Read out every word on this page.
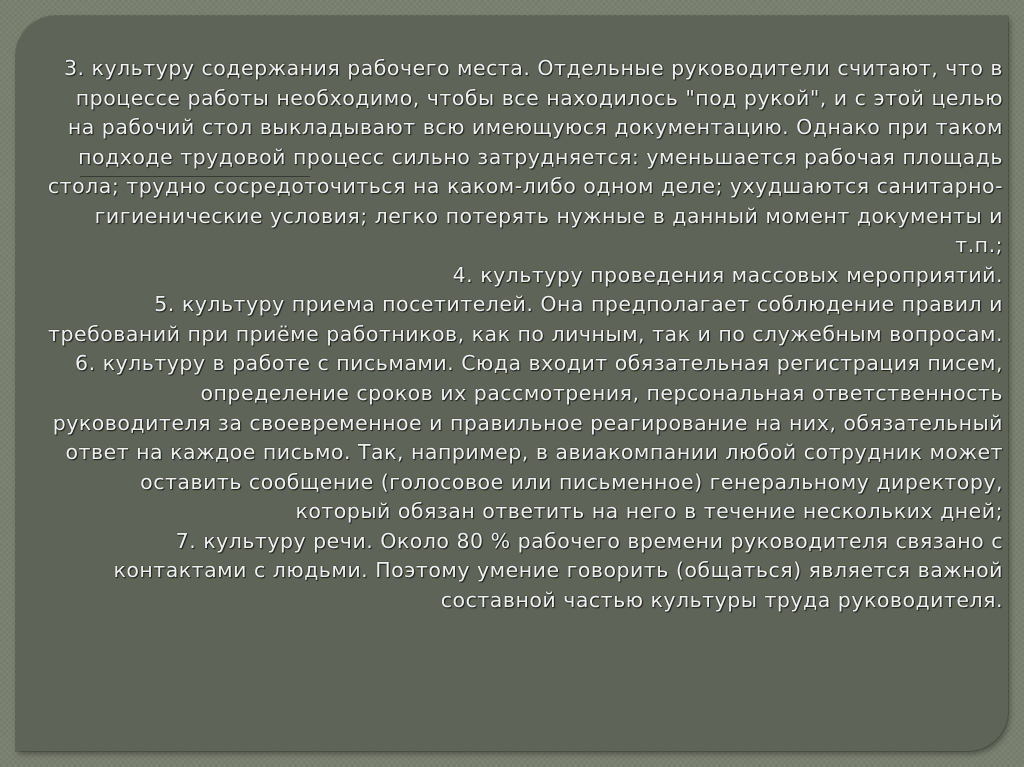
3. культуру содержания рабочего места. Отдельные руководители считают, что в процессе работы необходимо, чтобы все находилось "под рукой", и с этой целью на рабочий стол выкладывают всю имеющуюся документацию. Однако при таком подходе трудовой процесс сильно затрудняется: уменьшается рабочая площадь стола; трудно сосредоточиться на каком-либо одном деле; ухудшаются санитарно-гигиенические условия; легко потерять нужные в данный момент документы и т.п.;
4. культуру проведения массовых мероприятий.
5. культуру приема посетителей. Она предполагает соблюдение правил и требований при приёме работников, как по личным, так и по служебным вопросам.
6. культуру в работе с письмами. Сюда входит обязательная регистрация писем, определение сроков их рассмотрения, персональная ответственность руководителя за своевременное и правильное реагирование на них, обязательный ответ на каждое письмо. Так, например, в авиакомпании любой сотрудник может оставить сообщение (голосовое или письменное) генеральному директору, который обязан ответить на него в течение нескольких дней;
7. культуру речи. Около 80 % рабочего времени руководителя связано с контактами с людьми. Поэтому умение говорить (общаться) является важной составной частью культуры труда руководителя.
